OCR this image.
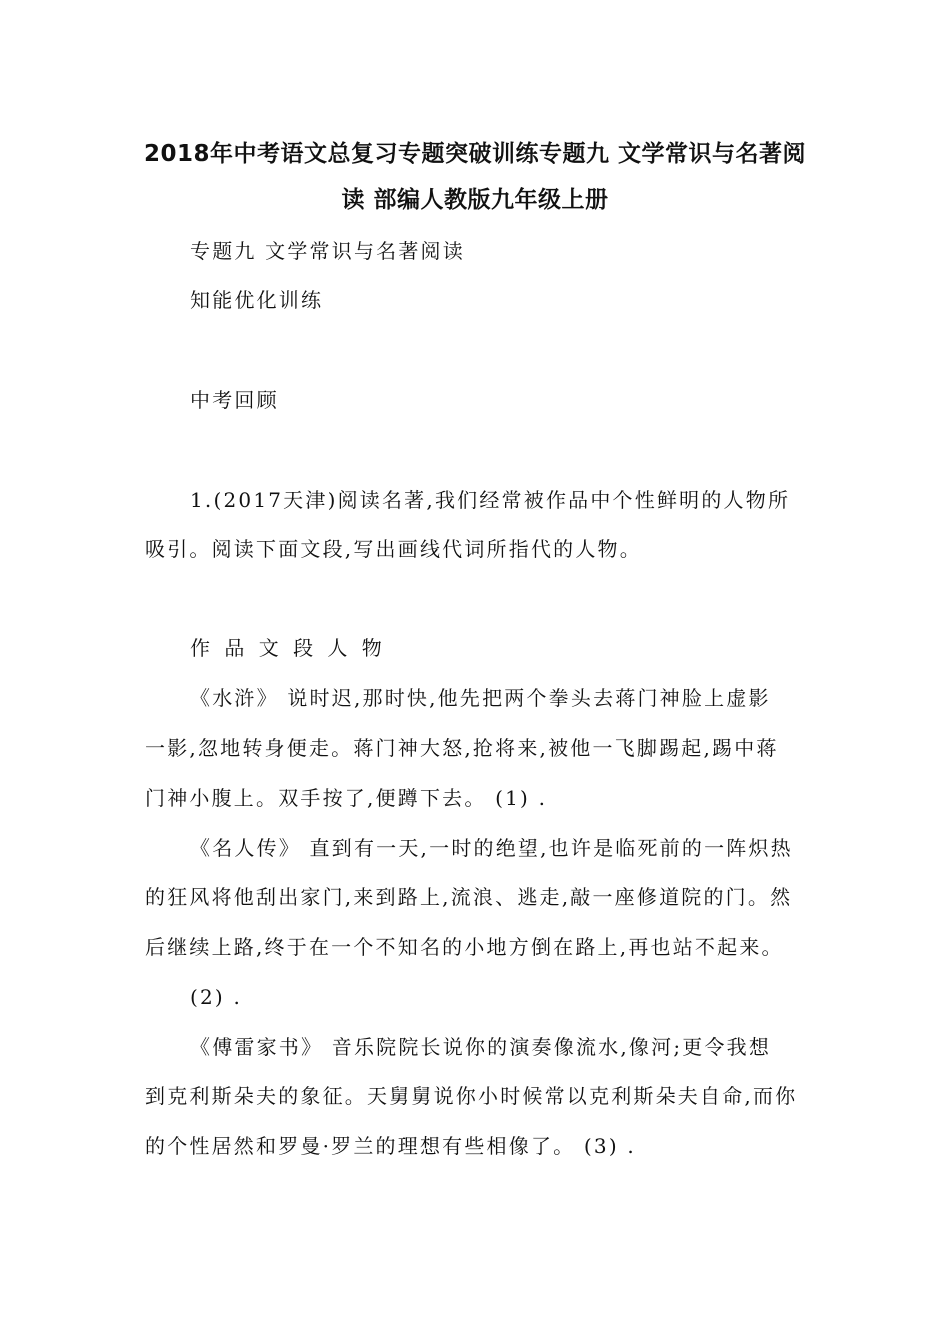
2018年中考语文总复习专题突破训练专题九 文学常识与名著阅
读 部编人教版九年级上册
专题九 文学常识与名著阅读
知能优化训练
中考回顾
1.(2017天津)阅读名著,我们经常被作品中个性鲜明的人物所
吸引。阅读下面文段,写出画线代词所指代的人物。
作 品 文 段 人 物
《水浒》 说时迟,那时快,他先把两个拳头去蒋门神脸上虚影
一影,忽地转身便走。蒋门神大怒,抢将来,被他一飞脚踢起,踢中蒋
门神小腹上。双手按了,便蹲下去。 (1) .
《名人传》 直到有一天,一时的绝望,也许是临死前的一阵炽热
的狂风将他刮出家门,来到路上,流浪、逃走,敲一座修道院的门。然
后继续上路,终于在一个不知名的小地方倒在路上,再也站不起来。
(2) .
《傅雷家书》 音乐院院长说你的演奏像流水,像河;更令我想
到克利斯朵夫的象征。天舅舅说你小时候常以克利斯朵夫自命,而你
的个性居然和罗曼·罗兰的理想有些相像了。 (3) .
